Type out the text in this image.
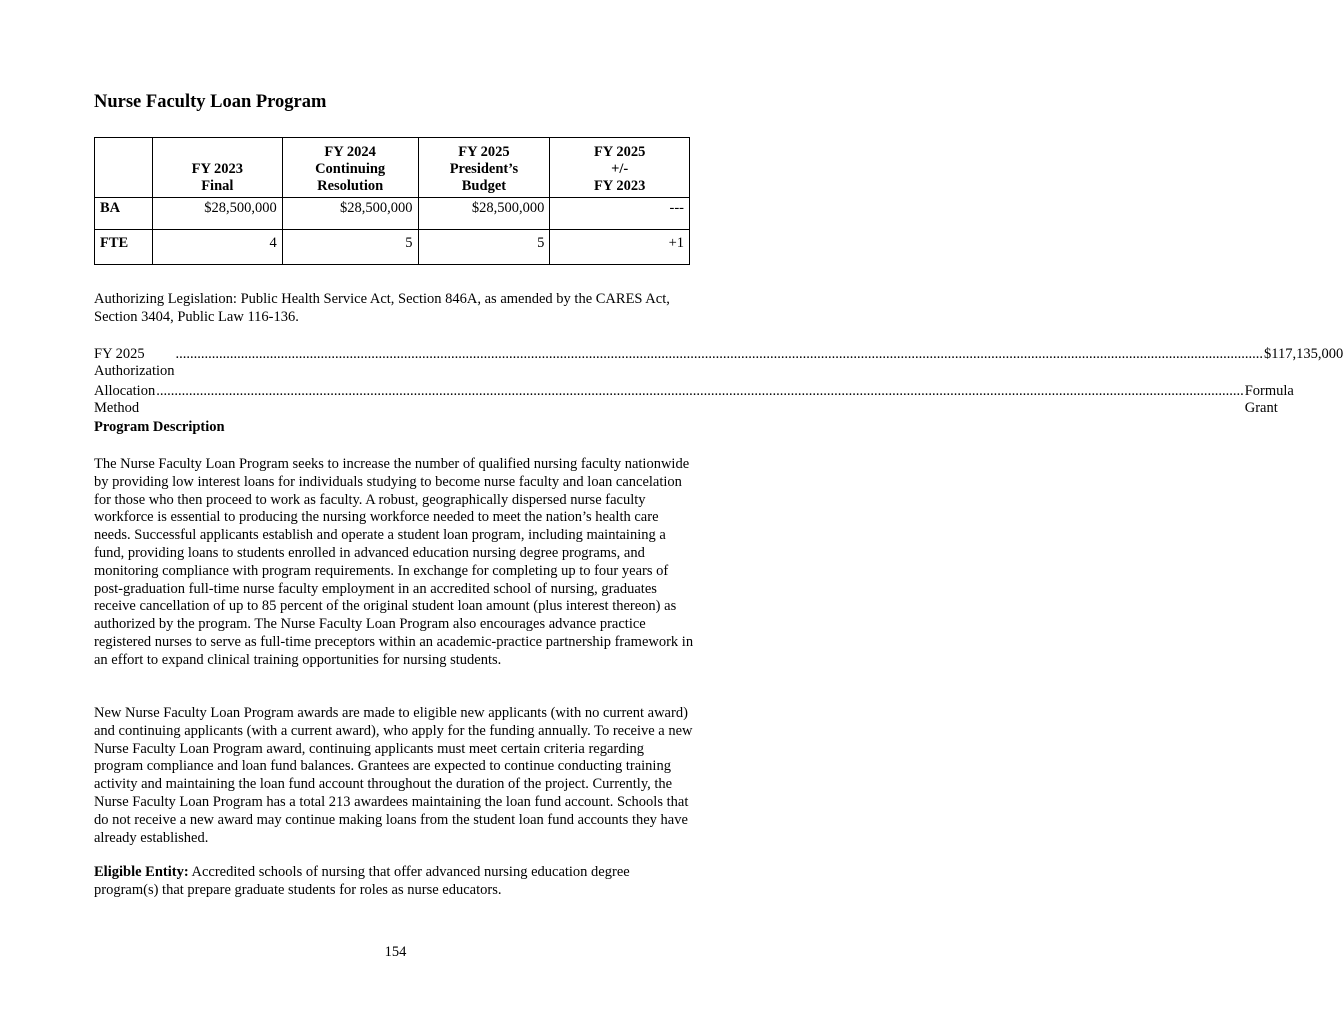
Nurse Faculty Loan Program
	FY 2023
Final	FY 2024
Continuing
Resolution	FY 2025
President’s
Budget	FY 2025
+/-
FY 2023
BA	$28,500,000	$28,500,000	$28,500,000	---
FTE	4	5	5	+1
Authorizing Legislation: Public Health Service Act, Section 846A, as amended by the CARES Act, Section 3404, Public Law 116-136.
FY 2025 Authorization
............................................................................................................................................................................................................................................................................................................ $117,135,000
Allocation Method
............................................................................................................................................................................................................................................................................................................ Formula Grant
Program Description

The Nurse Faculty Loan Program seeks to increase the number of qualified nursing faculty nationwide by providing low interest loans for individuals studying to become nurse faculty and loan cancelation for those who then proceed to work as faculty. A robust, geographically dispersed nurse faculty workforce is essential to producing the nursing workforce needed to meet the nation’s health care needs. Successful applicants establish and operate a student loan program, including maintaining a fund, providing loans to students enrolled in advanced education nursing degree programs, and monitoring compliance with program requirements. In exchange for completing up to four years of post-graduation full-time nurse faculty employment in an accredited school of nursing, graduates receive cancellation of up to 85 percent of the original student loan amount (plus interest thereon) as authorized by the program. The Nurse Faculty Loan Program also encourages advance practice registered nurses to serve as full-time preceptors within an academic-practice partnership framework in an effort to expand clinical training opportunities for nursing students.

New Nurse Faculty Loan Program awards are made to eligible new applicants (with no current award) and continuing applicants (with a current award), who apply for the funding annually. To receive a new Nurse Faculty Loan Program award, continuing applicants must meet certain criteria regarding program compliance and loan fund balances. Grantees are expected to continue conducting training activity and maintaining the loan fund account throughout the duration of the project. Currently, the Nurse Faculty Loan Program has a total 213 awardees maintaining the loan fund account. Schools that do not receive a new award may continue making loans from the student loan fund accounts they have already established.

Eligible Entity: Accredited schools of nursing that offer advanced nursing education degree program(s) that prepare graduate students for roles as nurse educators.

154
